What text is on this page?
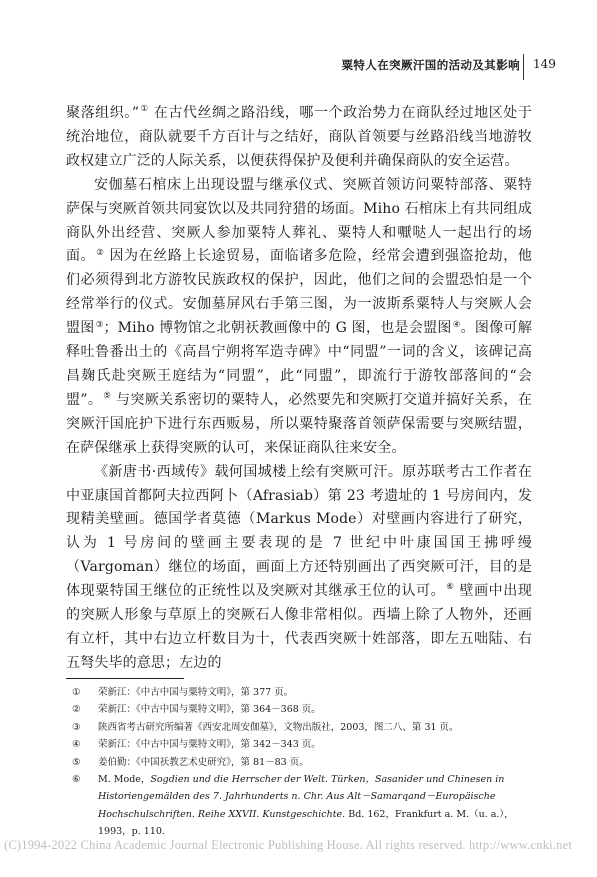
粟特人在突厥汗国的活动及其影响 149

聚落组织。”① 在古代丝绸之路沿线，哪一个政治势力在商队经过地区处于统治地位，商队就要千方百计与之结好，商队首领要与丝路沿线当地游牧政权建立广泛的人际关系，以便获得保护及便利并确保商队的安全运营。

安伽墓石棺床上出现设盟与继承仪式、突厥首领访问粟特部落、粟特萨保与突厥首领共同宴饮以及共同狩猎的场面。Miho 石棺床上有共同组成商队外出经营、突厥人参加粟特人葬礼、粟特人和嚈哒人一起出行的场面。② 因为在丝路上长途贸易，面临诸多危险，经常会遭到强盗抢劫，他们必须得到北方游牧民族政权的保护，因此，他们之间的会盟恐怕是一个经常举行的仪式。安伽墓屏风右手第三图，为一波斯系粟特人与突厥人会盟图③；Miho 博物馆之北朝祆教画像中的 G 图，也是会盟图④。图像可解释吐鲁番出土的《高昌宁朔将军造寺碑》中“同盟”一词的含义，该碑记高昌麹氏赴突厥王庭结为“同盟”，此“同盟”，即流行于游牧部落间的“会盟”。⑤ 与突厥关系密切的粟特人，必然要先和突厥打交道并搞好关系，在突厥汗国庇护下进行东西贩易，所以粟特聚落首领萨保需要与突厥结盟，在萨保继承上获得突厥的认可，来保证商队往来安全。

《新唐书·西域传》载何国城楼上绘有突厥可汗。原苏联考古工作者在中亚康国首都阿夫拉西阿卜（Afrasiab）第 23 考遗址的 1 号房间内，发现精美壁画。德国学者莫德（Markus Mode）对壁画内容进行了研究，认为 1 号房间的壁画主要表现的是 7 世纪中叶康国国王拂呼缦（Vargoman）继位的场面，画面上方还特别画出了西突厥可汗，目的是体现粟特国王继位的正统性以及突厥对其继承王位的认可。⑥ 壁画中出现的突厥人形象与草原上的突厥石人像非常相似。西墙上除了人物外，还画有立杆，其中右边立杆数目为十，代表西突厥十姓部落，即左五咄陆、右五弩失毕的意思；左边的

①	荣新江：《中古中国与粟特文明》，第 377 页。
②	荣新江：《中古中国与粟特文明》，第 364－368 页。
③	陕西省考古研究所编著《西安北周安伽墓》，文物出版社，2003，图二八、第 31 页。
④	荣新江：《中古中国与粟特文明》，第 342－343 页。
⑤	姜伯勤：《中国祆教艺术史研究》，第 81－83 页。
⑥	M. Mode，Sogdien und die Herrscher der Welt. Türken，Sasanider und Chinesen in Historiengemälden des 7. Jahrhunderts n. Chr. Aus Alt－Samarqand－Europäische Hochschulschriften. Reihe XXVII. Kunstgeschichte. Bd. 162，Frankfurt a. M.（u. a.），1993，p. 110.
(C)1994-2022 China Academic Journal Electronic Publishing House. All rights reserved. http://www.cnki.net
